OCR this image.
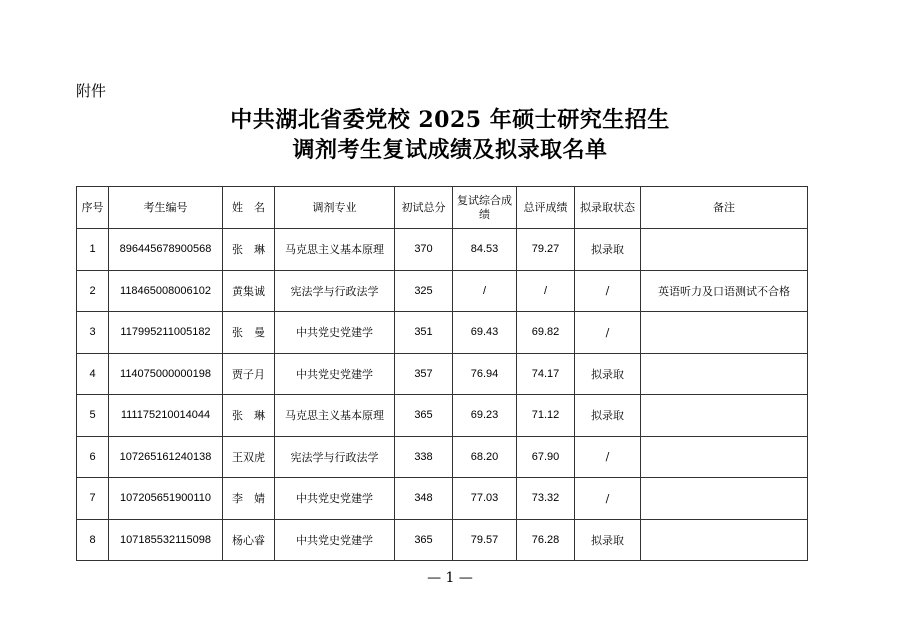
附件
中共湖北省委党校 2025 年硕士研究生招生
调剂考生复试成绩及拟录取名单
序号	考生编号	姓　名	调剂专业	初试总分	复试综合成绩	总评成绩	拟录取状态	备注
1	896445678900568	张　琳	马克思主义基本原理	370	84.53	79.27	拟录取	
2	118465008006102	黄集诚	宪法学与行政法学	325	/	/	/	英语听力及口语测试不合格
3	117995211005182	张　曼	中共党史党建学	351	69.43	69.82	/	
4	114075000000198	贾子月	中共党史党建学	357	76.94	74.17	拟录取	
5	111175210014044	张　琳	马克思主义基本原理	365	69.23	71.12	拟录取	
6	107265161240138	王双虎	宪法学与行政法学	338	68.20	67.90	/	
7	107205651900110	李　婧	中共党史党建学	348	77.03	73.32	/	
8	107185532115098	杨心睿	中共党史党建学	365	79.57	76.28	拟录取	
— 1 —
